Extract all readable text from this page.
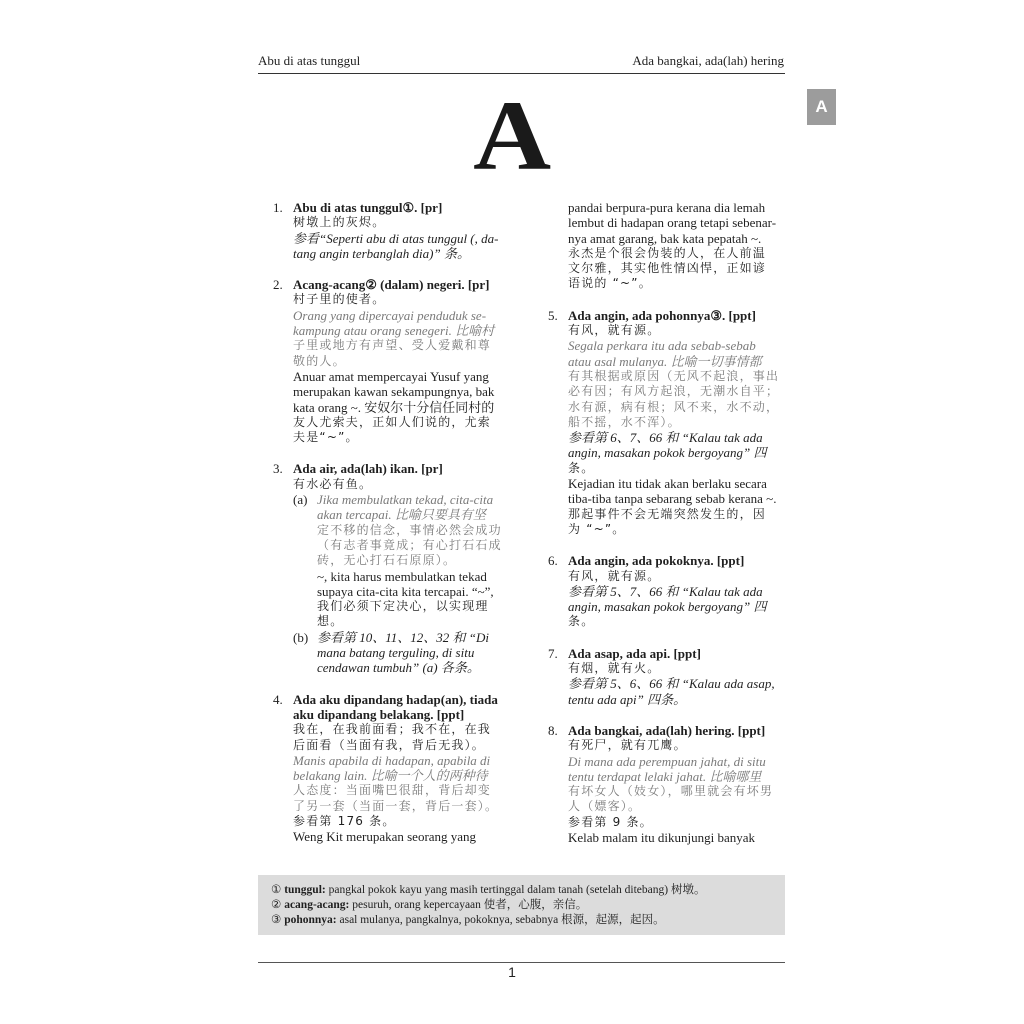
Abu di atas tunggul	Ada bangkai, ada(lah) hering
A
A
1. Abu di atas tunggul①. [pr]
树墩上的灰烬。
参看“Seperti abu di atas tunggul (, da-
tang angin terbanglah dia)” 条。
2. Acang-acang② (dalam) negeri. [pr]
村子里的使者。
Orang yang dipercayai penduduk se-
kampung atau orang senegeri. 比喻村
子里或地方有声望、受人爱戴和尊
敬的人。
Anuar amat mempercayai Yusuf yang
merupakan kawan sekampungnya, bak
kata orang ~. 安奴尔十分信任同村的
友人尤索夫，正如人们说的，尤索
夫是“~”。
3. Ada air, ada(lah) ikan. [pr]
有水必有鱼。
(a) Jika membulatkan tekad, cita-cita
akan tercapai. 比喻只要具有坚
定不移的信念，事情必然会成功
（有志者事竟成；有心打石石成
砖，无心打石石原原）。
~, kita harus membulatkan tekad
supaya cita-cita kita tercapai. “~”,
我们必须下定决心，以实现理
想。
(b) 参看第 10、11、12、32 和 “Di
mana batang terguling, di situ
cendawan tumbuh” (a) 各条。
4. Ada aku dipandang hadap(an), tiada
aku dipandang belakang. [ppt]
我在，在我前面看；我不在，在我
后面看（当面有我，背后无我）。
Manis apabila di hadapan, apabila di
belakang lain. 比喻一个人的两种待
人态度：当面嘴巴很甜，背后却变
了另一套（当面一套，背后一套）。
参看第 176 条。
Weng Kit merupakan seorang yang
pandai berpura-pura kerana dia lemah
lembut di hadapan orang tetapi sebenar-
nya amat garang, bak kata pepatah ~.
永杰是个很会伪装的人，在人前温
文尔雅，其实他性情凶悍，正如谚
语说的 “~”。
5. Ada angin, ada pohonnya③. [ppt]
有风，就有源。
Segala perkara itu ada sebab-sebab
atau asal mulanya. 比喻一切事情都
有其根据或原因（无风不起浪，事出
必有因；有风方起浪，无潮水自平；
水有源，病有根；风不来，水不动，
船不摇，水不浑）。
参看第 6、7、66 和 “Kalau tak ada
angin, masakan pokok bergoyang” 四
条。
Kejadian itu tidak akan berlaku secara
tiba-tiba tanpa sebarang sebab kerana ~.
那起事件不会无端突然发生的，因
为 “~”。
6. Ada angin, ada pokoknya. [ppt]
有风，就有源。
参看第 5、7、66 和 “Kalau tak ada
angin, masakan pokok bergoyang” 四
条。
7. Ada asap, ada api. [ppt]
有烟，就有火。
参看第 5、6、66 和 “Kalau ada asap,
tentu ada api” 四条。
8. Ada bangkai, ada(lah) hering. [ppt]
有死尸，就有兀鹰。
Di mana ada perempuan jahat, di situ
tentu terdapat lelaki jahat. 比喻哪里
有坏女人（妓女），哪里就会有坏男
人（嫖客）。
参看第 9 条。
Kelab malam itu dikunjungi banyak
① tunggul: pangkal pokok kayu yang masih tertinggal dalam tanah (setelah ditebang) 树墩。
② acang-acang: pesuruh, orang kepercayaan 使者，心腹，亲信。
③ pohonnya: asal mulanya, pangkalnya, pokoknya, sebabnya 根源，起源，起因。
1
